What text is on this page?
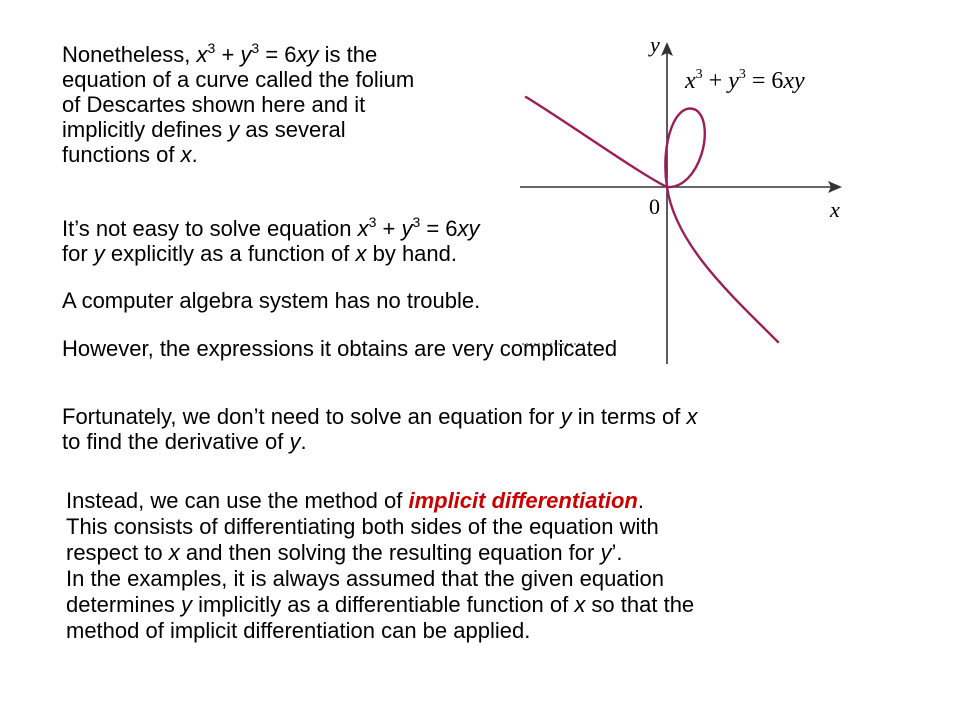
Nonetheless, $x^3 + y^3 = 6xy$ is the

equation of a curve called the folium

of Descartes shown here and it

implicitly defines y as several

functions of x.

It’s not easy to solve equation $x^3 + y^3 = 6xy$

for y explicitly as a function of x by hand.

A computer algebra system has no trouble.

y
x
0
$x^3 + y^3 = 6xy$

However, the expressions it obtains are very complicated

Fortunately, we don’t need to solve an equation for y in terms of x

to find the derivative of y.

Instead, we can use the method of implicit differentiation.

This consists of differentiating both sides of the equation with

respect to x and then solving the resulting equation for y’.

In the examples, it is always assumed that the given equation

determines y implicitly as a differentiable function of x so that the

method of implicit differentiation can be applied.
